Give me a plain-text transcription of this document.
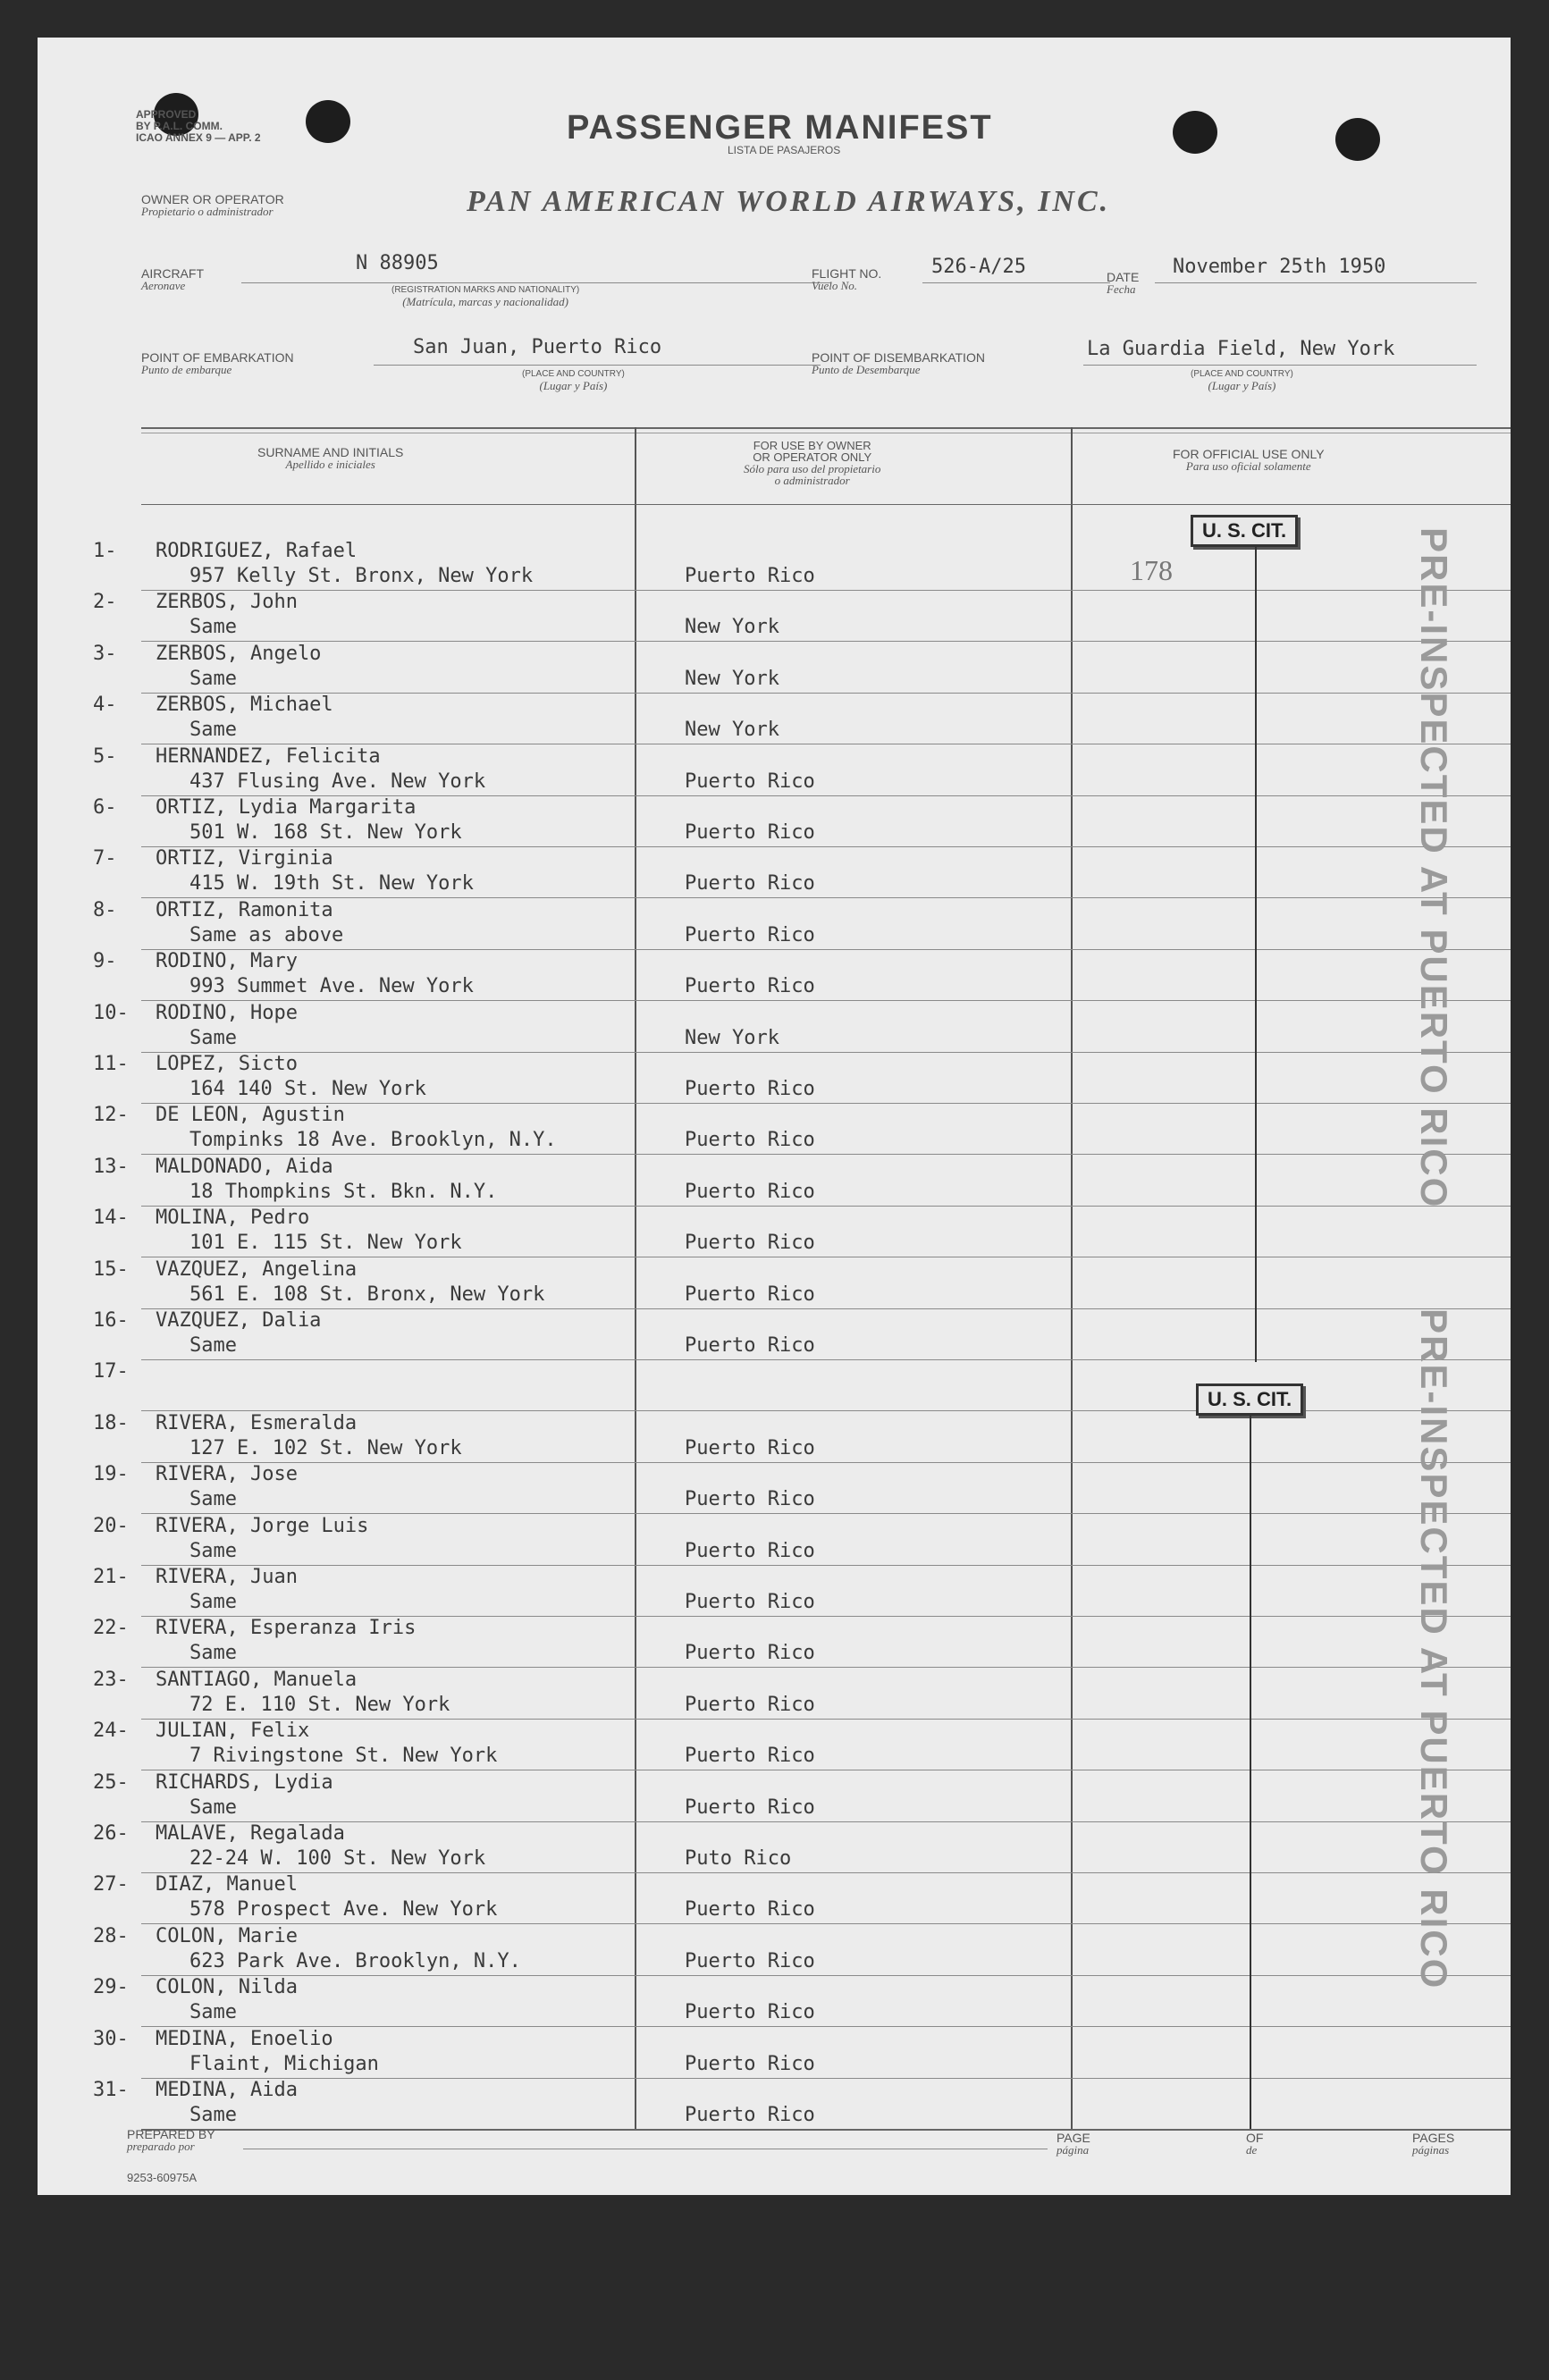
APPROVED
BY P.A.L. COMM.
ICAO ANNEX 9 — APP. 2	PASSENGER MANIFEST
LISTA DE PASAJEROS
OWNER OR OPERATOR
Propietario o administrador	PAN AMERICAN WORLD AIRWAYS, INC.
AIRCRAFT
Aeronave
N 88905
(REGISTRATION MARKS AND NATIONALITY)
(Matrícula, marcas y nacionalidad)
FLIGHT NO.
Vuelo No.
526-A/25	DATE
Fecha
November 25th 1950
POINT OF EMBARKATION
Punto de embarque
San Juan, Puerto Rico
(PLACE AND COUNTRY)
(Lugar y País)
POINT OF DISEMBARKATION
Punto de Desembarque
La Guardia Field, New York
(PLACE AND COUNTRY)
(Lugar y País)
SURNAME AND INITIALS
Apellido e iniciales
FOR USE BY OWNER
OR OPERATOR ONLY
Sólo para uso del propietario
o administrador
FOR OFFICIAL USE ONLY
Para uso oficial solamente
1- RODRIGUEZ, Rafael
957 Kelly St. Bronx, New York	Puerto Rico
2- ZERBOS, John
Same	New York
3- ZERBOS, Angelo
Same	New York
4- ZERBOS, Michael
Same	New York
5- HERNANDEZ, Felicita
437 Flusing Ave. New York	Puerto Rico
6- ORTIZ, Lydia Margarita
501 W. 168 St. New York	Puerto Rico
7- ORTIZ, Virginia
415 W. 19th St. New York	Puerto Rico
8- ORTIZ, Ramonita
Same as above	Puerto Rico
9- RODINO, Mary
993 Summet Ave. New York	Puerto Rico
10- RODINO, Hope
Same	New York
11- LOPEZ, Sicto
164 140 St. New York	Puerto Rico
12- DE LEON, Agustin
Tompinks 18 Ave. Brooklyn, N.Y.	Puerto Rico
13- MALDONADO, Aida
18 Thompkins St. Bkn. N.Y.	Puerto Rico
14- MOLINA, Pedro
101 E. 115 St. New York	Puerto Rico
15- VAZQUEZ, Angelina
561 E. 108 St. Bronx, New York	Puerto Rico
16- VAZQUEZ, Dalia
Same	Puerto Rico
17-
18- RIVERA, Esmeralda
127 E. 102 St. New York	Puerto Rico
19- RIVERA, Jose
Same	Puerto Rico
20- RIVERA, Jorge Luis
Same	Puerto Rico
21- RIVERA, Juan
Same	Puerto Rico
22- RIVERA, Esperanza Iris
Same	Puerto Rico
23- SANTIAGO, Manuela
72 E. 110 St. New York	Puerto Rico
24- JULIAN, Felix
7 Rivingstone St. New York	Puerto Rico
25- RICHARDS, Lydia
Same	Puerto Rico
26- MALAVE, Regalada
22-24 W. 100 St. New York	Puto Rico
27- DIAZ, Manuel
578 Prospect Ave. New York	Puerto Rico
28- COLON, Marie
623 Park Ave. Brooklyn, N.Y.	Puerto Rico
29- COLON, Nilda
Same	Puerto Rico
30- MEDINA, Enoelio
Flaint, Michigan	Puerto Rico
31- MEDINA, Aida
Same	Puerto Rico
U. S. CIT.
178
U. S. CIT.
PRE-INSPECTED AT PUERTO RICO
PRE-INSPECTED AT PUERTO RICO
PREPARED BY
preparado por
PAGE
página
OF
de
PAGES
páginas
9253-60975A
